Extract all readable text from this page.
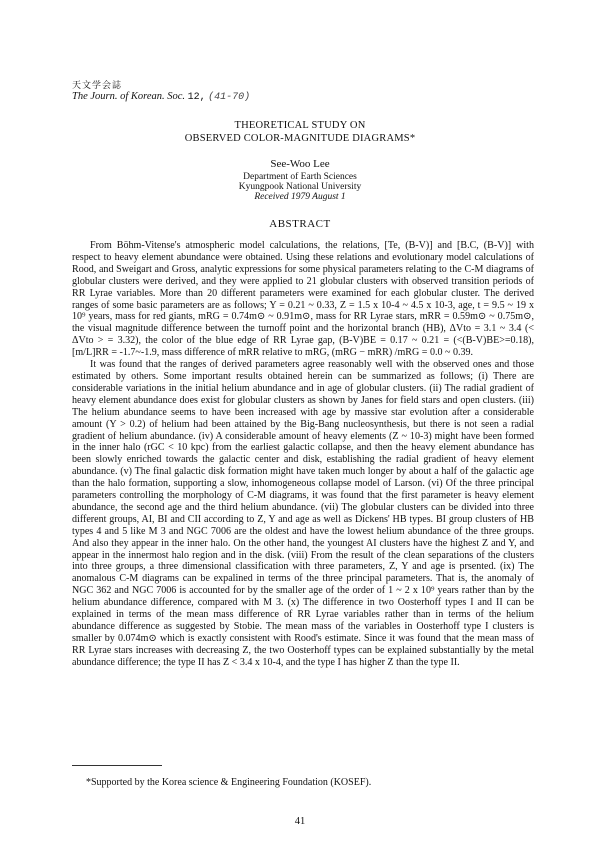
天文学会誌
The Journ. of Korean. Soc. 12, (41-70)
THEORETICAL STUDY ON
OBSERVED COLOR-MAGNITUDE DIAGRAMS*
See-Woo Lee
Department of Earth Sciences
Kyungpook National University
Received 1979 August 1
ABSTRACT

From Böhm-Vitense's atmospheric model calculations, the relations, [Te, (B-V)] and [B.C, (B-V)] with respect to heavy element abundance were obtained. Using these relations and evolutionary model calculations of Rood, and Sweigart and Gross, analytic expressions for some physical parameters relating to the C-M diagrams of globular clusters were derived, and they were applied to 21 globular clusters with observed transition periods of RR Lyrae variables. More than 20 different parameters were examined for each globular cluster. The derived ranges of some basic parameters are as follows; Y = 0.21 ~ 0.33, Z = 1.5 x 10-4 ~ 4.5 x 10-3, age, t = 9.5 ~ 19 x 10⁹ years, mass for red giants, mRG = 0.74m⊙ ~ 0.91m⊙, mass for RR Lyrae stars, mRR = 0.59m⊙ ~ 0.75m⊙, the visual magnitude difference between the turnoff point and the horizontal branch (HB), ΔVto = 3.1 ~ 3.4 (< ΔVto > = 3.32), the color of the blue edge of RR Lyrae gap, (B-V)BE = 0.17 ~ 0.21 = (<(B-V)BE>=0.18), [m/L]RR = -1.7~-1.9, mass difference of mRR relative to mRG, (mRG − mRR) /mRG = 0.0 ~ 0.39.

It was found that the ranges of derived parameters agree reasonably well with the observed ones and those estimated by others. Some important results obtained herein can be summarized as follows; (i) There are considerable variations in the initial helium abundance and in age of globular clusters. (ii) The radial gradient of heavy element abundance does exist for globular clusters as shown by Janes for field stars and open clusters. (iii) The helium abundance seems to have been increased with age by massive star evolution after a considerable amount (Y > 0.2) of helium had been attained by the Big-Bang nucleosynthesis, but there is not seen a radial gradient of helium abundance. (iv) A considerable amount of heavy elements (Z ~ 10-3) might have been formed in the inner halo (rGC < 10 kpc) from the earliest galactic collapse, and then the heavy element abundance has been slowly enriched towards the galactic center and disk, establishing the radial gradient of heavy element abundance. (v) The final galactic disk formation might have taken much longer by about a half of the galactic age than the halo formation, supporting a slow, inhomogeneous collapse model of Larson. (vi) Of the three principal parameters controlling the morphology of C-M diagrams, it was found that the first parameter is heavy element abundance, the second age and the third helium abundance. (vii) The globular clusters can be divided into three different groups, AI, BI and CII according to Z, Y and age as well as Dickens' HB types. BI group clusters of HB types 4 and 5 like M 3 and NGC 7006 are the oldest and have the lowest helium abundance of the three groups. And also they appear in the inner halo. On the other hand, the youngest AI clusters have the highest Z and Y, and appear in the innermost halo region and in the disk. (viii) From the result of the clean separations of the clusters into three groups, a three dimensional classification with three parameters, Z, Y and age is prsented. (ix) The anomalous C-M diagrams can be expalined in terms of the three principal parameters. That is, the anomaly of NGC 362 and NGC 7006 is accounted for by the smaller age of the order of 1 ~ 2 x 10⁹ years rather than by the helium abundance difference, compared with M 3. (x) The difference in two Oosterhoff types I and II can be explained in terms of the mean mass difference of RR Lyrae variables rather than in terms of the helium abundance difference as suggested by Stobie. The mean mass of the variables in Oosterhoff type I clusters is smaller by 0.074m⊙ which is exactly consistent with Rood's estimate. Since it was found that the mean mass of RR Lyrae stars increases with decreasing Z, the two Oosterhoff types can be explained substantially by the metal abundance difference; the type II has Z < 3.4 x 10-4, and the type I has higher Z than the type II.

*Supported by the Korea science & Engineering Foundation (KOSEF).
41
